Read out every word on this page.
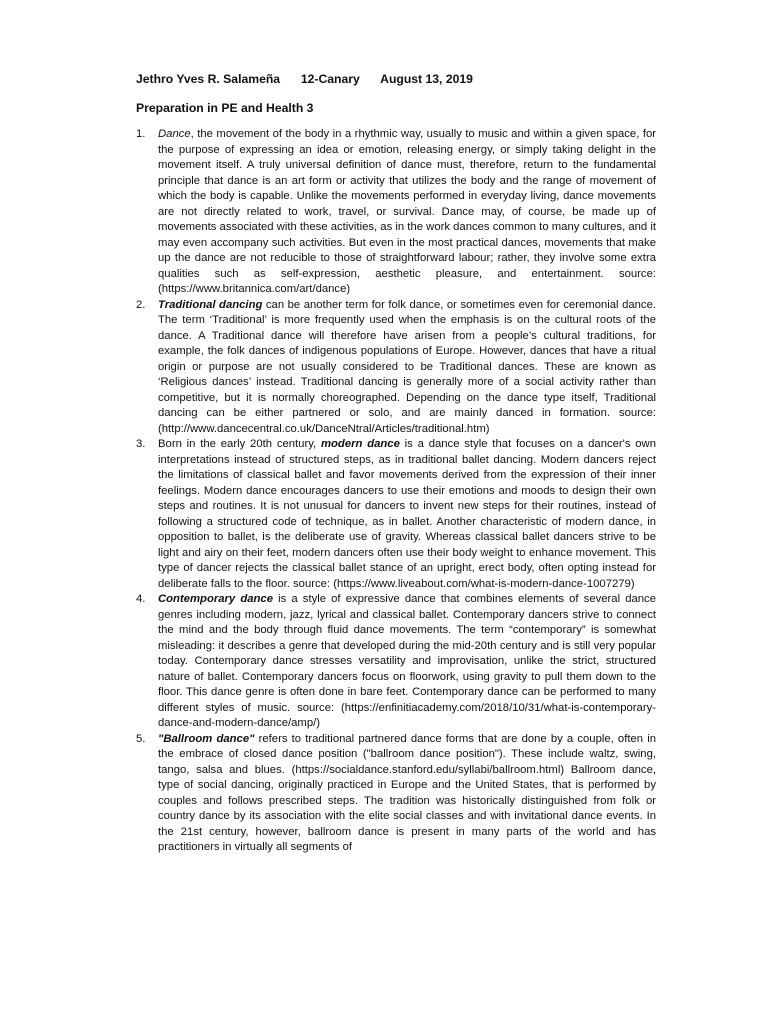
Jethro Yves R. Salameña 12-Canary August 13, 2019
Preparation in PE and Health 3
1. Dance, the movement of the body in a rhythmic way, usually to music and within a given space, for the purpose of expressing an idea or emotion, releasing energy, or simply taking delight in the movement itself. A truly universal definition of dance must, therefore, return to the fundamental principle that dance is an art form or activity that utilizes the body and the range of movement of which the body is capable. Unlike the movements performed in everyday living, dance movements are not directly related to work, travel, or survival. Dance may, of course, be made up of movements associated with these activities, as in the work dances common to many cultures, and it may even accompany such activities. But even in the most practical dances, movements that make up the dance are not reducible to those of straightforward labour; rather, they involve some extra qualities such as self-expression, aesthetic pleasure, and entertainment. source: (https://www.britannica.com/art/dance)
2. Traditional dancing can be another term for folk dance, or sometimes even for ceremonial dance. The term ‘Traditional’ is more frequently used when the emphasis is on the cultural roots of the dance. A Traditional dance will therefore have arisen from a people’s cultural traditions, for example, the folk dances of indigenous populations of Europe. However, dances that have a ritual origin or purpose are not usually considered to be Traditional dances. These are known as ‘Religious dances’ instead. Traditional dancing is generally more of a social activity rather than competitive, but it is normally choreographed. Depending on the dance type itself, Traditional dancing can be either partnered or solo, and are mainly danced in formation. source: (http://www.dancecentral.co.uk/DanceNtral/Articles/traditional.htm)
3. Born in the early 20th century, modern dance is a dance style that focuses on a dancer's own interpretations instead of structured steps, as in traditional ballet dancing. Modern dancers reject the limitations of classical ballet and favor movements derived from the expression of their inner feelings. Modern dance encourages dancers to use their emotions and moods to design their own steps and routines. It is not unusual for dancers to invent new steps for their routines, instead of following a structured code of technique, as in ballet. Another characteristic of modern dance, in opposition to ballet, is the deliberate use of gravity. Whereas classical ballet dancers strive to be light and airy on their feet, modern dancers often use their body weight to enhance movement. This type of dancer rejects the classical ballet stance of an upright, erect body, often opting instead for deliberate falls to the floor. source: (https://www.liveabout.com/what-is-modern-dance-1007279)
4. Contemporary dance is a style of expressive dance that combines elements of several dance genres including modern, jazz, lyrical and classical ballet. Contemporary dancers strive to connect the mind and the body through fluid dance movements. The term “contemporary” is somewhat misleading: it describes a genre that developed during the mid-20th century and is still very popular today. Contemporary dance stresses versatility and improvisation, unlike the strict, structured nature of ballet. Contemporary dancers focus on floorwork, using gravity to pull them down to the floor. This dance genre is often done in bare feet. Contemporary dance can be performed to many different styles of music. source: (https://enfinitiacademy.com/2018/10/31/what-is-contemporary-dance-and-modern-dance/amp/)
5. "Ballroom dance" refers to traditional partnered dance forms that are done by a couple, often in the embrace of closed dance position ("ballroom dance position"). These include waltz, swing, tango, salsa and blues. (https://socialdance.stanford.edu/syllabi/ballroom.html) Ballroom dance, type of social dancing, originally practiced in Europe and the United States, that is performed by couples and follows prescribed steps. The tradition was historically distinguished from folk or country dance by its association with the elite social classes and with invitational dance events. In the 21st century, however, ballroom dance is present in many parts of the world and has practitioners in virtually all segments of
